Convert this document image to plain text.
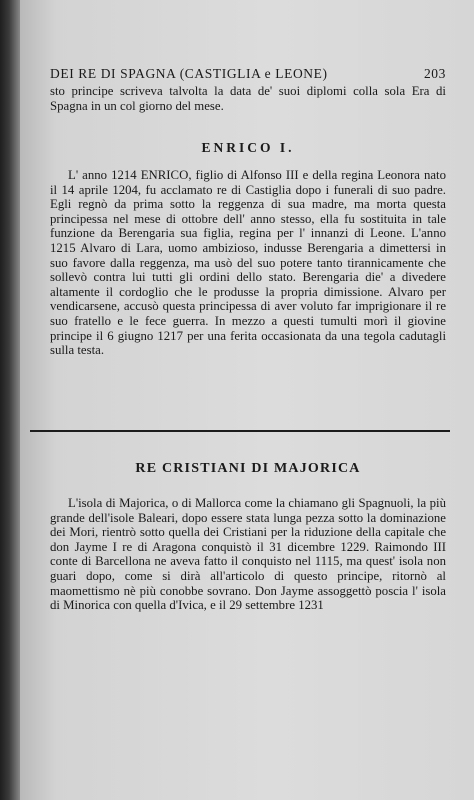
DEI RE DI SPAGNA (CASTIGLIA e LEONE)	203

sto principe scriveva talvolta la data de' suoi diplomi colla sola Era di Spagna in un col giorno del mese.

ENRICO I.

L' anno 1214 ENRICO, figlio di Alfonso III e della regina Leonora nato il 14 aprile 1204, fu acclamato re di Castiglia dopo i funerali di suo padre. Egli regnò da prima sotto la reggenza di sua madre, ma morta questa principessa nel mese di ottobre dell' anno stesso, ella fu sostituita in tale funzione da Berengaria sua figlia, regina per l' innanzi di Leone. L'anno 1215 Alvaro di Lara, uomo ambizioso, indusse Berengaria a dimettersi in suo favore dalla reggenza, ma usò del suo potere tanto tirannicamente che sollevò contra lui tutti gli ordini dello stato. Berengaria die' a divedere altamente il cordoglio che le produsse la propria dimissione. Alvaro per vendicarsene, accusò questa principessa di aver voluto far imprigionare il re suo fratello e le fece guerra. In mezzo a questi tumulti morì il giovine principe il 6 giugno 1217 per una ferita occasionata da una tegola cadutagli sulla testa.

RE CRISTIANI DI MAJORICA

L'isola di Majorica, o di Mallorca come la chiamano gli Spagnuoli, la più grande dell'isole Baleari, dopo essere stata lunga pezza sotto la dominazione dei Mori, rientrò sotto quella dei Cristiani per la riduzione della capitale che don Jayme I re di Aragona conquistò il 31 dicembre 1229. Raimondo III conte di Barcellona ne aveva fatto il conquisto nel 1115, ma quest' isola non guari dopo, come si dirà all'articolo di questo principe, ritornò al maomettismo nè più conobbe sovrano. Don Jayme assoggettò poscia l' isola di Minorica con quella d'Ivica, e il 29 settembre 1231
